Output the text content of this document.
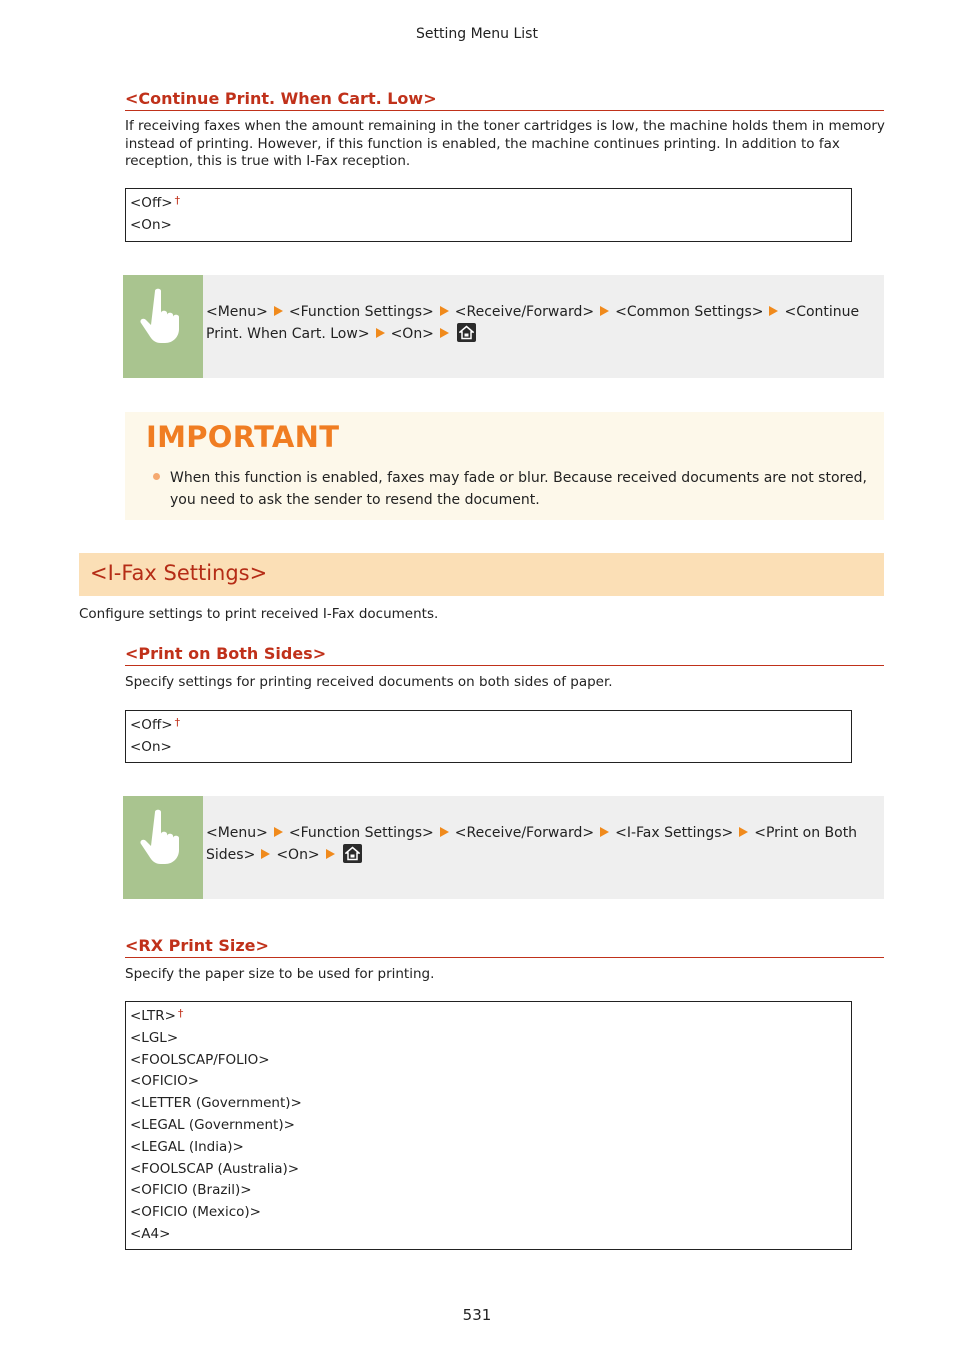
Setting Menu List
<Continue Print. When Cart. Low>
If receiving faxes when the amount remaining in the toner cartridges is low, the machine holds them in memory instead of printing. However, if this function is enabled, the machine continues printing. In addition to fax reception, this is true with I-Fax reception.
<Off> †
<On>
<Menu> <Function Settings> <Receive/Forward> <Common Settings> <Continue Print. When Cart. Low> <On>
IMPORTANT
When this function is enabled, faxes may fade or blur. Because received documents are not stored, you need to ask the sender to resend the document.
<I-Fax Settings>
Configure settings to print received I-Fax documents.
<Print on Both Sides>
Specify settings for printing received documents on both sides of paper.
<Off> †
<On>
<Menu> <Function Settings> <Receive/Forward> <I-Fax Settings> <Print on Both Sides> <On>
<RX Print Size>
Specify the paper size to be used for printing.
<LTR> †
<LGL>
<FOOLSCAP/FOLIO>
<OFICIO>
<LETTER (Government)>
<LEGAL (Government)>
<LEGAL (India)>
<FOOLSCAP (Australia)>
<OFICIO (Brazil)>
<OFICIO (Mexico)>
<A4>
531
